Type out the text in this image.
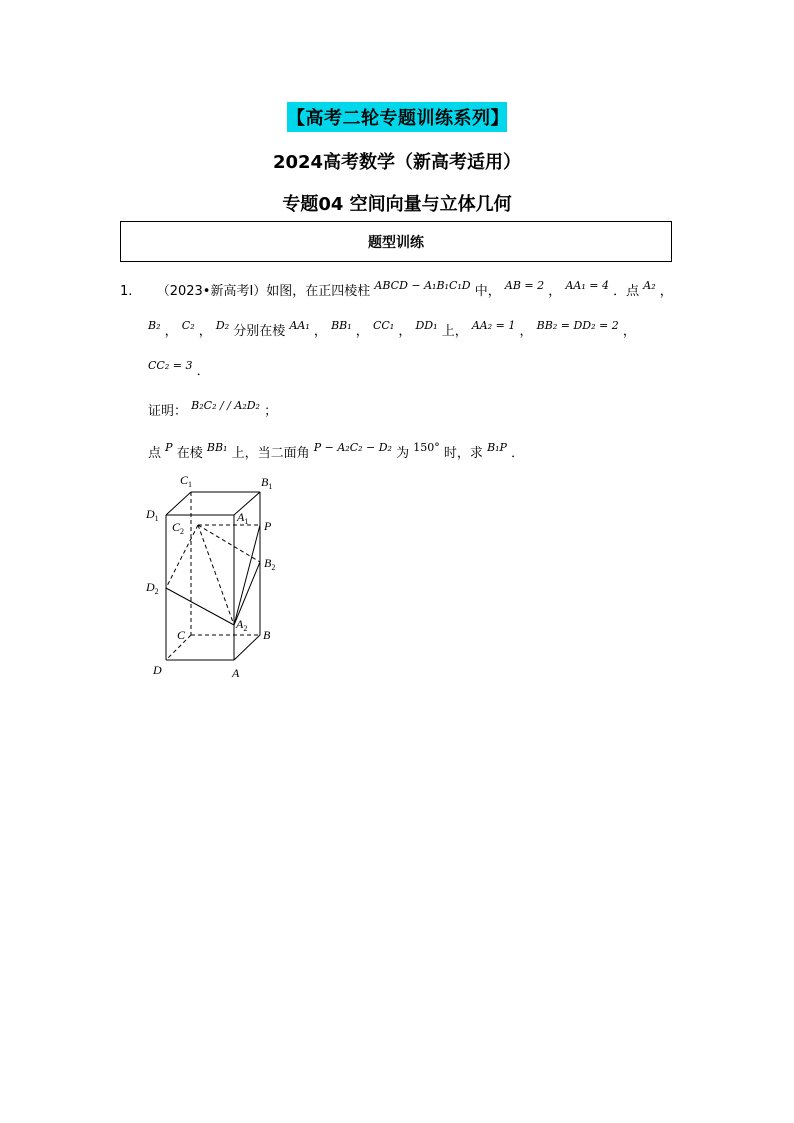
【高考二轮专题训练系列】
2024高考数学（新高考适用）
专题04 空间向量与立体几何
题型训练
1. （2023•新高考Ⅰ）如图，在正四棱柱 $^{ABCD - A_1B_1C_1D}$ 中， $^{AB = 2}$ ， $^{AA_1 = 4}$ ．点 $^{A_2}$ ，
$^{B_2}$ ， $^{C_2}$ ， $^{D_2}$ 分别在棱 $^{AA_1}$ ， $^{BB_1}$ ， $^{CC_1}$ ， $^{DD_1}$ 上， $^{AA_2 = 1}$ ， $^{BB_2 = DD_2 = 2}$ ，
$^{CC_2 = 3}$ ．
证明： $^{B_2C_2 / / A_2D_2}$ ；
点 $^P$ 在棱 $^{BB_1}$ 上，当二面角 $^{P - A_2C_2 - D_2}$ 为 $^{150^\circ}$ 时，求 $^{B_1P}$ ．
$C_1$	$B_1$
$D_1$	$A_1$
$C_2$	P
$B_2$
$D_2$
$A_2$
C	B
D	A
